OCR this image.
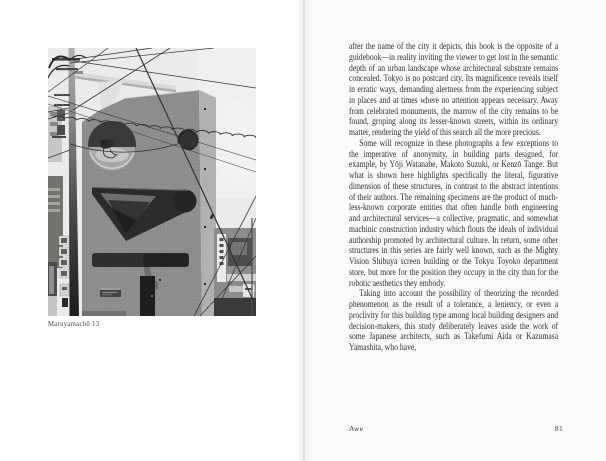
Maruyamachō 13

after the name of the city it depicts, this book is the opposite of a guidebook—in reality inviting the viewer to get lost in the semantic depth of an urban landscape whose architectural substrate remains concealed. Tokyo is no postcard city. Its magnificence reveals itself in erratic ways, demanding alertness from the experiencing subject in places and at times where no attention appears necessary. Away from celebrated monuments, the marrow of the city remains to be found, groping along its lesser-known streets, within its ordinary matter, rendering the yield of this search all the more precious.

Some will recognize in these photographs a few exceptions to the imperative of anonymity, in building parts designed, for example, by Yōji Watanabe, Makoto Suzuki, or Kenzō Tange. But what is shown here highlights specifically the literal, figurative dimension of these structures, in contrast to the abstract intentions of their authors. The remaining specimens are the product of much-less-known corporate entities that often handle both engineering and architectural services—a collective, pragmatic, and somewhat machinic construction industry which flouts the ideals of individual authorship promoted by architectural culture. In return, some other structures in this series are fairly well known, such as the Mighty Vision Shibuya screen building or the Tokyu Toyoko department store, but more for the position they occupy in the city than for the robotic aesthetics they embody.

Taking into account the possibility of theorizing the recorded phenomenon as the result of a tolerance, a leniency, or even a proclivity for this building type among local building designers and decision-makers, this study deliberately leaves aside the work of some Japanese architects, such as Takefumi Aida or Kazumasa Yamashita, who have,

Awe	81
